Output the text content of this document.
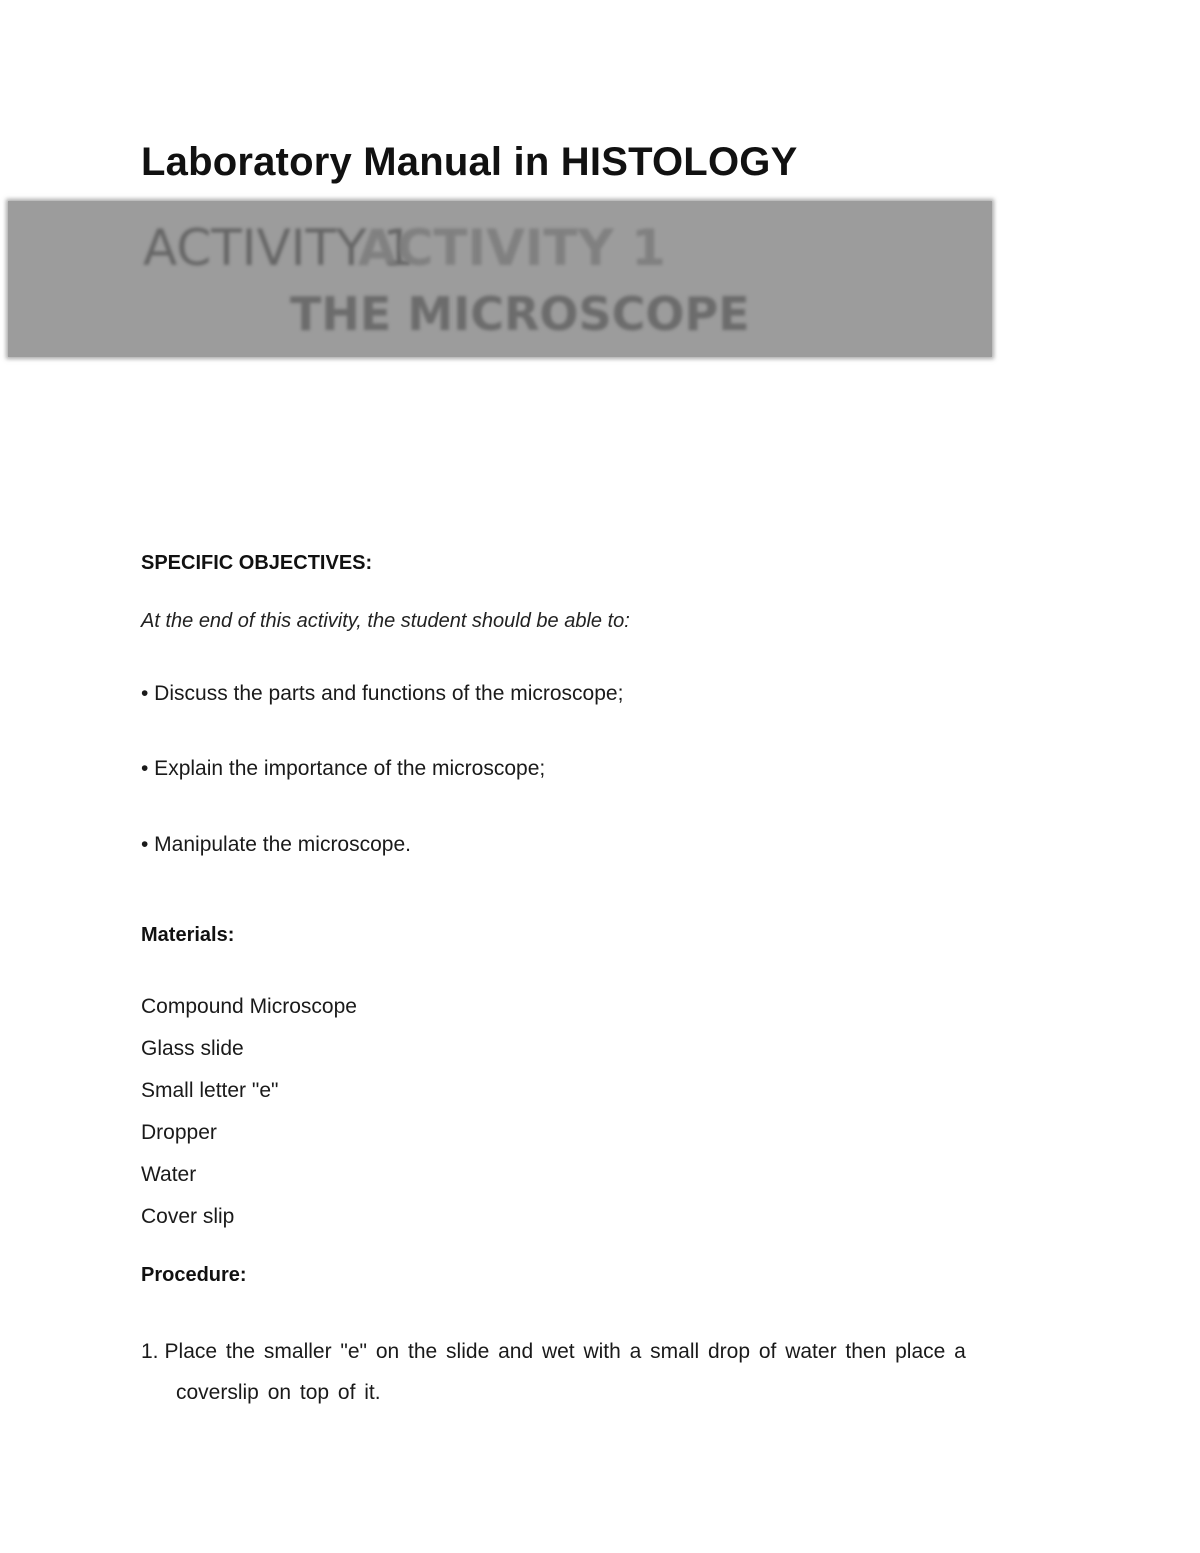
Laboratory Manual in HISTOLOGY
ACTIVITY 1
ACTIVITY 1
THE MICROSCOPE
SPECIFIC OBJECTIVES:
At the end of this activity, the student should be able to:
• Discuss the parts and functions of the microscope;
• Explain the importance of the microscope;
• Manipulate the microscope.
Materials:
Compound Microscope
Glass slide
Small letter "e"
Dropper
Water
Cover slip
Procedure:
1. Place the smaller "e" on the slide and wet with a small drop of water then place a
coverslip on top of it.
